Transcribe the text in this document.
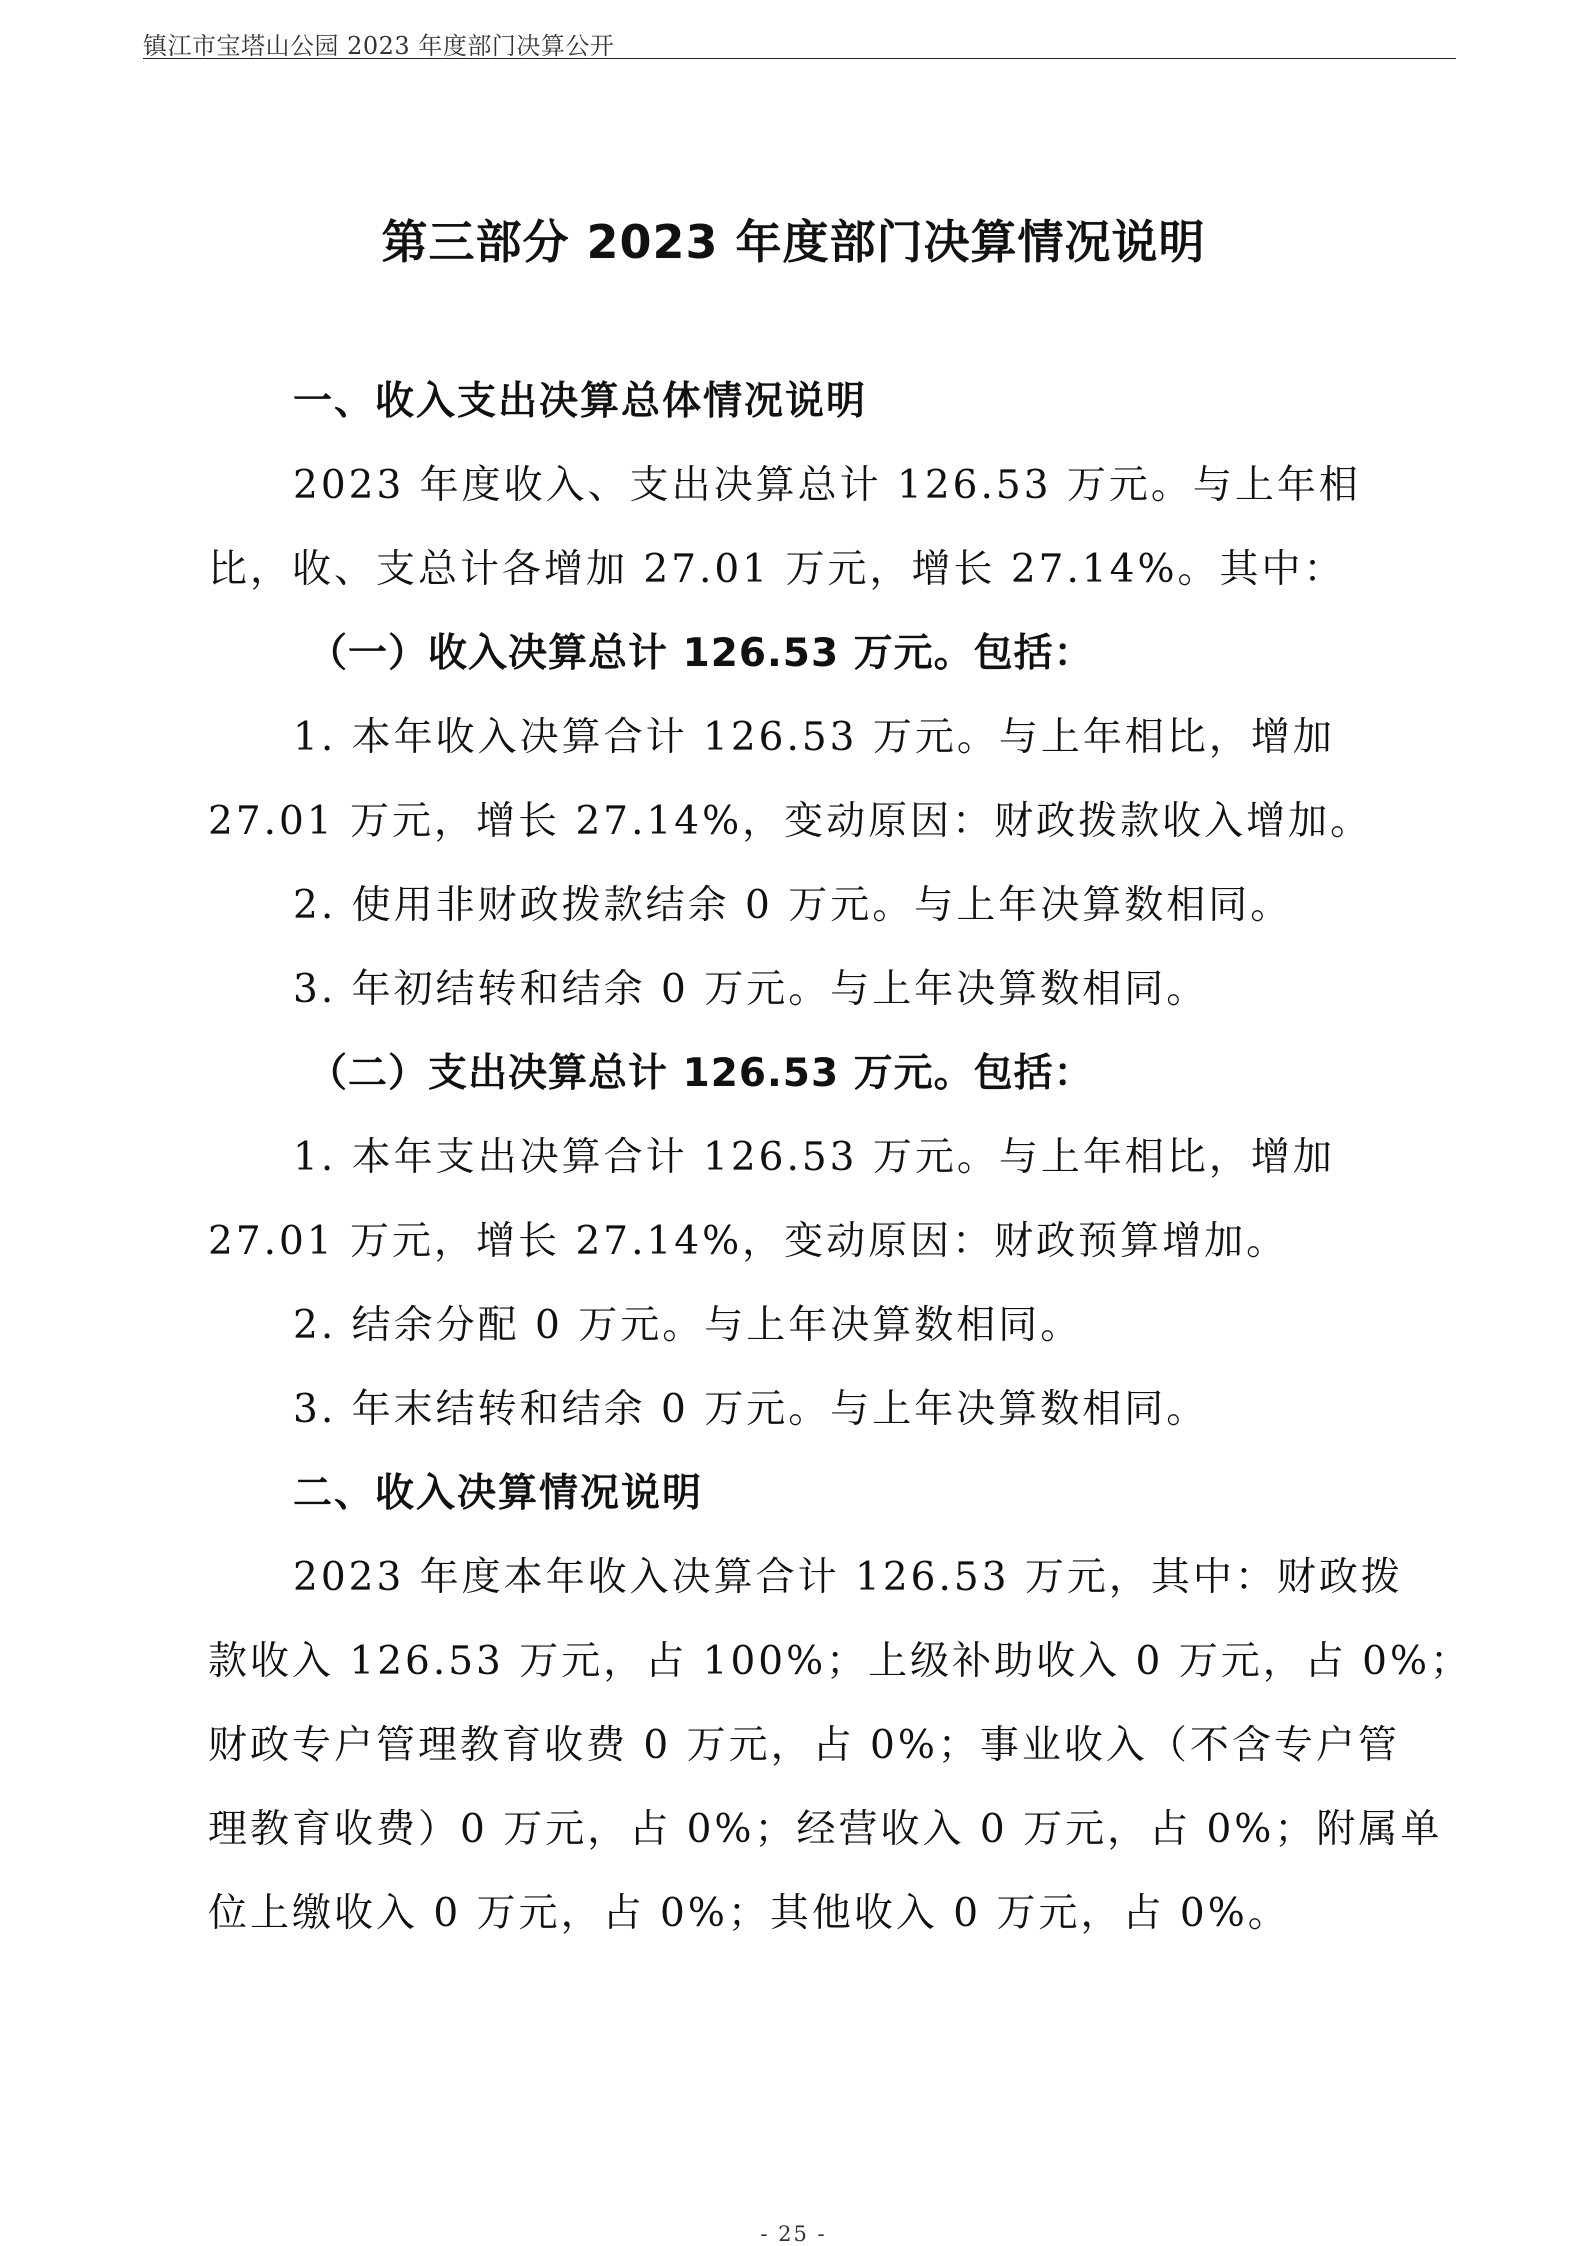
镇江市宝塔山公园 2023 年度部门决算公开
第三部分 2023 年度部门决算情况说明
一、收入支出决算总体情况说明
2023 年度收入、支出决算总计 126.53 万元。与上年相
比，收、支总计各增加 27.01 万元，增长 27.14%。其中：
（一）收入决算总计 126.53 万元。包括：
1. 本年收入决算合计 126.53 万元。与上年相比，增加
27.01 万元，增长 27.14%，变动原因：财政拨款收入增加。
2. 使用非财政拨款结余 0 万元。与上年决算数相同。
3. 年初结转和结余 0 万元。与上年决算数相同。
（二）支出决算总计 126.53 万元。包括：
1. 本年支出决算合计 126.53 万元。与上年相比，增加
27.01 万元，增长 27.14%，变动原因：财政预算增加。
2. 结余分配 0 万元。与上年决算数相同。
3. 年末结转和结余 0 万元。与上年决算数相同。
二、收入决算情况说明
2023 年度本年收入决算合计 126.53 万元，其中：财政拨
款收入 126.53 万元，占 100%；上级补助收入 0 万元，占 0%；
财政专户管理教育收费 0 万元，占 0%；事业收入（不含专户管
理教育收费）0 万元，占 0%；经营收入 0 万元，占 0%；附属单
位上缴收入 0 万元，占 0%；其他收入 0 万元，占 0%。
- 25 -
